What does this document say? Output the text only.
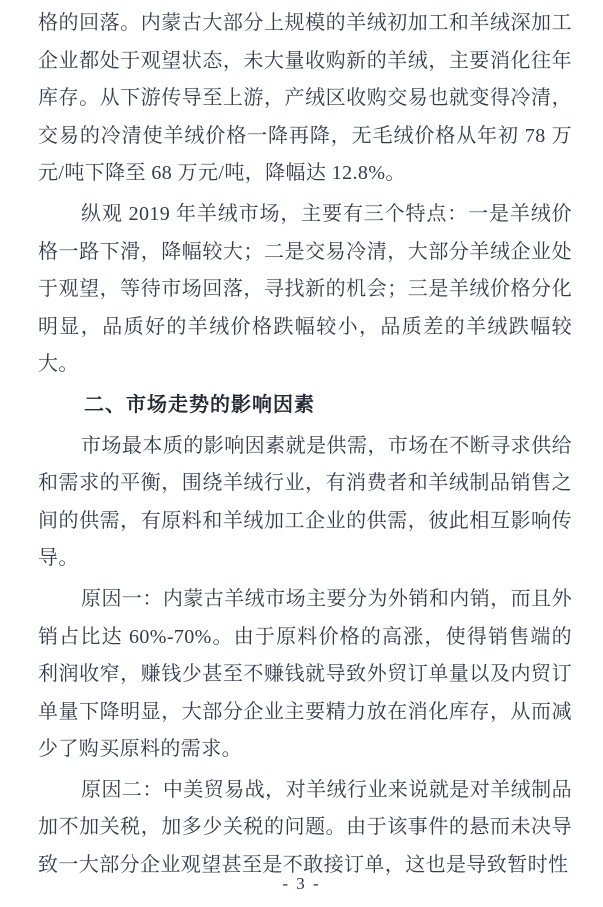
格的回落。内蒙古大部分上规模的羊绒初加工和羊绒深加工企业都处于观望状态，未大量收购新的羊绒，主要消化往年库存。从下游传导至上游，产绒区收购交易也就变得冷清，交易的冷清使羊绒价格一降再降，无毛绒价格从年初 78 万元/吨下降至 68 万元/吨，降幅达 12.8%。

纵观 2019 年羊绒市场，主要有三个特点：一是羊绒价格一路下滑，降幅较大；二是交易冷清，大部分羊绒企业处于观望，等待市场回落，寻找新的机会；三是羊绒价格分化明显，品质好的羊绒价格跌幅较小，品质差的羊绒跌幅较大。

二、市场走势的影响因素

市场最本质的影响因素就是供需，市场在不断寻求供给和需求的平衡，围绕羊绒行业，有消费者和羊绒制品销售之间的供需，有原料和羊绒加工企业的供需，彼此相互影响传导。

原因一：内蒙古羊绒市场主要分为外销和内销，而且外销占比达 60%-70%。由于原料价格的高涨，使得销售端的利润收窄，赚钱少甚至不赚钱就导致外贸订单量以及内贸订单量下降明显，大部分企业主要精力放在消化库存，从而减少了购买原料的需求。

原因二：中美贸易战，对羊绒行业来说就是对羊绒制品加不加关税，加多少关税的问题。由于该事件的悬而未决导致一大部分企业观望甚至是不敢接订单，这也是导致暂时性

- 3 -
